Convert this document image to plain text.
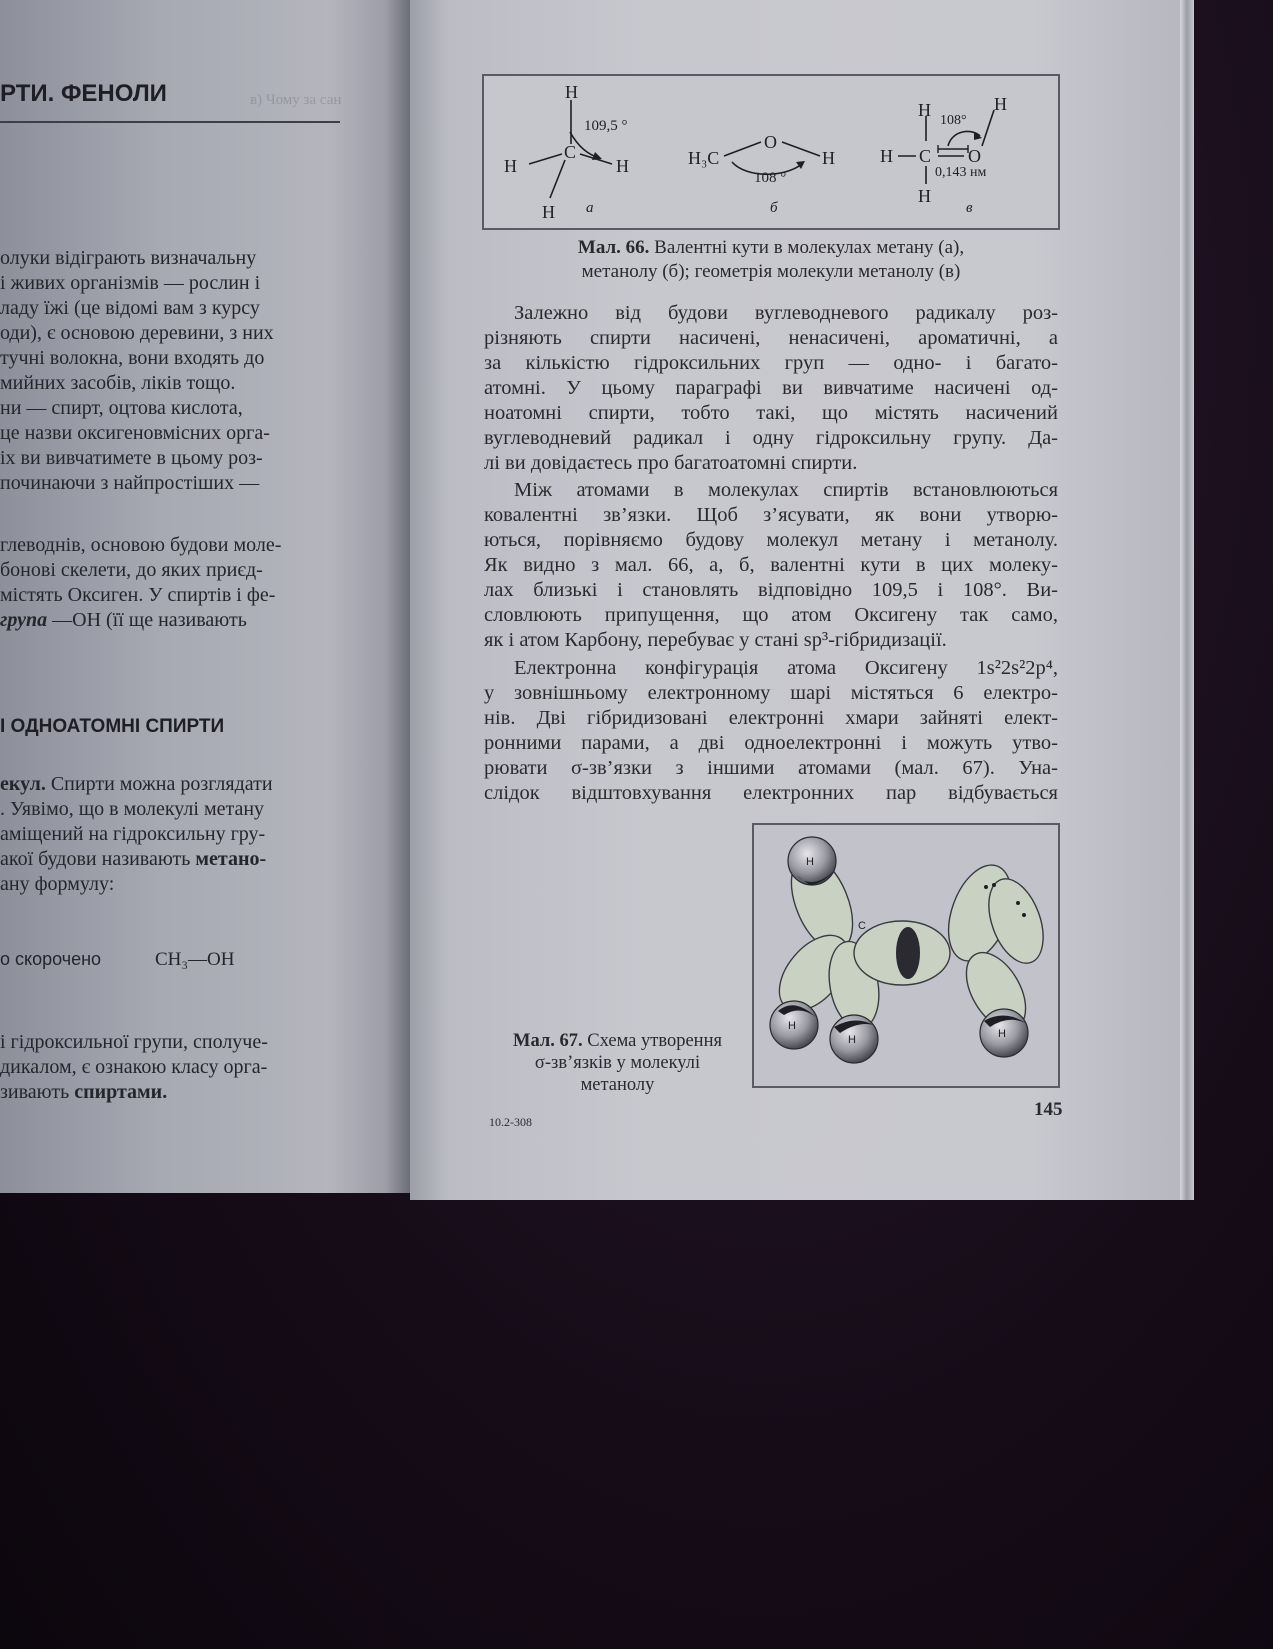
в) Чому за сан
РТИ. ФЕНОЛИ
олуки відіграють визначальну
і живих організмів — рослин і
ладу їжі (це відомі вам з курсу
оди), є основою деревини, з них
тучні волокна, вони входять до
мийних засобів, ліків тощо.
ни — спирт, оцтова кислота,
це назви оксигеновмісних орга-
іх ви вивчатимете в цьому роз-
починаючи з найпростіших —
глеводнів, основою будови моле-
бонові скелети, до яких приєд-
містять Оксиген. У спиртів і фе-
групa —OH (її ще називають
І ОДНОАТОМНІ СПИРТИ
екул. Спирти можна розглядати
. Уявімо, що в молекулі метану
аміщений на гідроксильну гру-
акої будови називають метано-
ану формулу:
о скорочено	CH₃—OH
і гідроксильної групи, сполуче-
дикалом, є ознакою класу орга-
зивають спиртами.
H
C
H	H
H
109,5 °
а
H₃C
O
H
108 °
б
H C
H
H
O
H
108°
0,143 нм
в
Мал. 66. Валентні кути в молекулах метану (а),
метанолу (б); геометрія молекули метанолу (в)
Залежно від будови вуглеводневого радикалу роз-
різняють спирти насичені, ненасичені, ароматичні, а
за кількістю гідроксильних груп — одно- і багато-
атомні. У цьому параграфі ви вивчатиме насичені од-
ноатомні спирти, тобто такі, що містять насичений
вуглеводневий радикал і одну гідроксильну групу. Да-
лі ви довідаєтесь про багатоатомні спирти.
Між атомами в молекулах спиртів встановлюються
ковалентні зв’язки. Щоб з’ясувати, як вони утворю-
ються, порівняємо будову молекул метану і метанолу.
Як видно з мал. 66, а, б, валентні кути в цих молеку-
лах близькі і становлять відповідно 109,5 і 108°. Ви-
словлюють припущення, що атом Оксигену так само,
як і атом Карбону, перебуває у стані sp³-гібридизації.
Електронна конфігурація атома Оксигену 1s²2s²2p⁴,
у зовнішньому електронному шарі містяться 6 електро-
нів. Дві гібридизовані електронні хмари зайняті елект-
ронними парами, а дві одноелектронні і можуть утво-
рювати σ-зв’язки з іншими атомами (мал. 67). Уна-
слідок відштовхування електронних пар відбувається
H
H
H	H
C
Мал. 67. Схема утворення
σ-зв’язків у молекулі
метанолу
145
10.2-308
